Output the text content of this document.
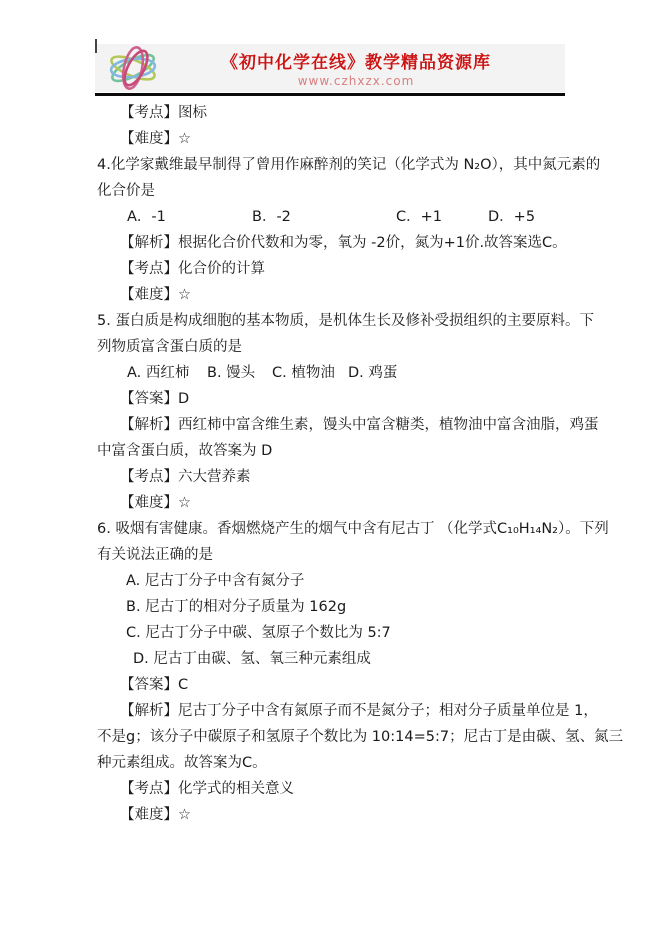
《初中化学在线》教学精品资源库
www.czhxzx.com
【考点】图标
【难度】☆
4.化学家戴维最早制得了曾用作麻醉剂的笑记（化学式为 N₂O），其中氮元素的
化合价是
A．-1	B．-2	C．+1	D．+5
【解析】根据化合价代数和为零，氧为 -2价，氮为+1价.故答案选C。
【考点】化合价的计算
【难度】☆
5. 蛋白质是构成细胞的基本物质，是机体生长及修补受损组织的主要原料。下
列物质富含蛋白质的是
A. 西红柿 B. 馒头 C. 植物油 D. 鸡蛋
【答案】D
【解析】西红柿中富含维生素，馒头中富含糖类，植物油中富含油脂，鸡蛋
中富含蛋白质，故答案为 D
【考点】六大营养素
【难度】☆
6. 吸烟有害健康。香烟燃烧产生的烟气中含有尼古丁 （化学式C₁₀H₁₄N₂）。下列
有关说法正确的是
A. 尼古丁分子中含有氮分子
B. 尼古丁的相对分子质量为 162g
C. 尼古丁分子中碳、氢原子个数比为 5:7
D. 尼古丁由碳、氢、氧三种元素组成
【答案】C
【解析】尼古丁分子中含有氮原子而不是氮分子；相对分子质量单位是 1，
不是g；该分子中碳原子和氢原子个数比为 10:14=5:7；尼古丁是由碳、氢、氮三
种元素组成。故答案为C。
【考点】化学式的相关意义
【难度】☆
